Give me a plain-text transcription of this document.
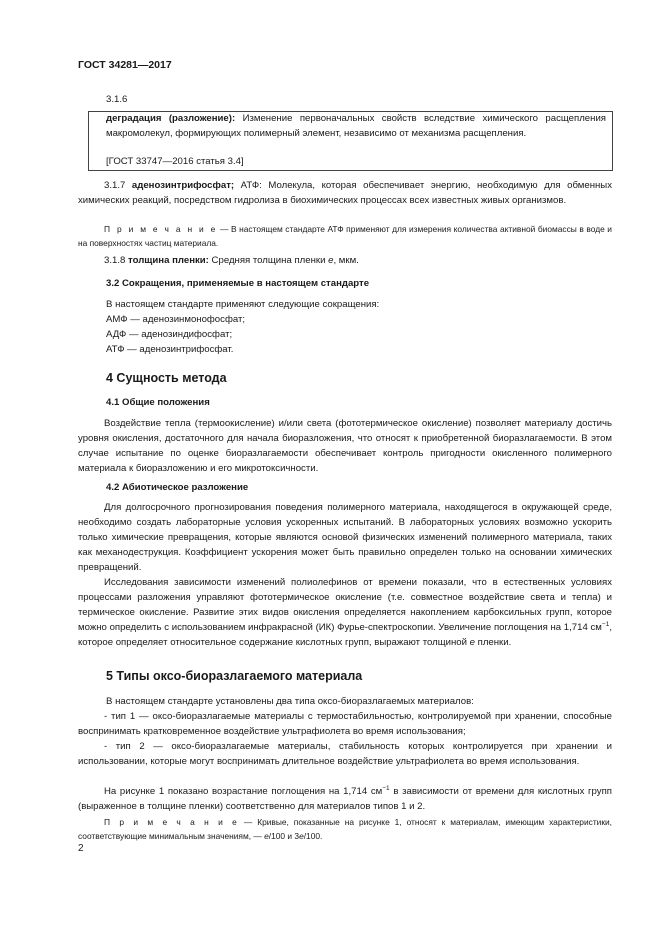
ГОСТ 34281—2017
3.1.6

деградация (разложение): Изменение первоначальных свойств вследствие химического расщепления макромолекул, формирующих полимерный элемент, независимо от механизма расщепления.

[ГОСТ 33747—2016 статья 3.4]

3.1.7 аденозинтрифосфат; АТФ: Молекула, которая обеспечивает энергию, необходимую для обменных химических реакций, посредством гидролиза в биохимических процессах всех известных живых организмов.

П р и м е ч а н и е — В настоящем стандарте АТФ применяют для измерения количества активной биомассы в воде и на поверхностях частиц материала.

3.1.8 толщина пленки: Средняя толщина пленки е, мкм.

3.2 Сокращения, применяемые в настоящем стандарте
В настоящем стандарте применяют следующие сокращения:
АМФ — аденозинмонофосфат;
АДФ — аденозиндифосфат;
АТФ — аденозинтрифосфат.
4 Сущность метода
4.1 Общие положения

Воздействие тепла (термоокисление) и/или света (фототермическое окисление) позволяет материалу достичь уровня окисления, достаточного для начала биоразложения, что относят к приобретенной биоразлагаемости. В этом случае испытание по оценке биоразлагаемости обеспечивает контроль пригодности окисленного полимерного материала к биоразложению и его микротоксичности.

4.2 Абиотическое разложение

Для долгосрочного прогнозирования поведения полимерного материала, находящегося в окружающей среде, необходимо создать лабораторные условия ускоренных испытаний. В лабораторных условиях возможно ускорить только химические превращения, которые являются основой физических изменений полимерного материала, таких как механодеструкция. Коэффициент ускорения может быть правильно определен только на основании химических превращений.

Исследования зависимости изменений полиолефинов от времени показали, что в естественных условиях процессами разложения управляют фототермическое окисление (т.е. совместное воздействие света и тепла) и термическое окисление. Развитие этих видов окисления определяется накоплением карбоксильных групп, которое можно определить с использованием инфракрасной (ИК) Фурье-спектроскопии. Увеличение поглощения на 1,714 $см^{-1}$, которое определяет относительное содержание кислотных групп, выражают толщиной е пленки.

5 Типы оксо-биоразлагаемого материала
В настоящем стандарте установлены два типа оксо-биоразлагаемых материалов:

- тип 1 — оксо-биоразлагаемые материалы с термостабильностью, контролируемой при хранении, способные воспринимать кратковременное воздействие ультрафиолета во время использования;

- тип 2 — оксо-биоразлагаемые материалы, стабильность которых контролируется при хранении и использовании, которые могут воспринимать длительное воздействие ультрафиолета во время использования.

На рисунке 1 показано возрастание поглощения на 1,714 $см^{-1}$ в зависимости от времени для кислотных групп (выраженное в толщине пленки) соответственно для материалов типов 1 и 2.

П р и м е ч а н и е — Кривые, показанные на рисунке 1, относят к материалам, имеющим характеристики, соответствующие минимальным значениям, — е/100 и 3е/100.

2
